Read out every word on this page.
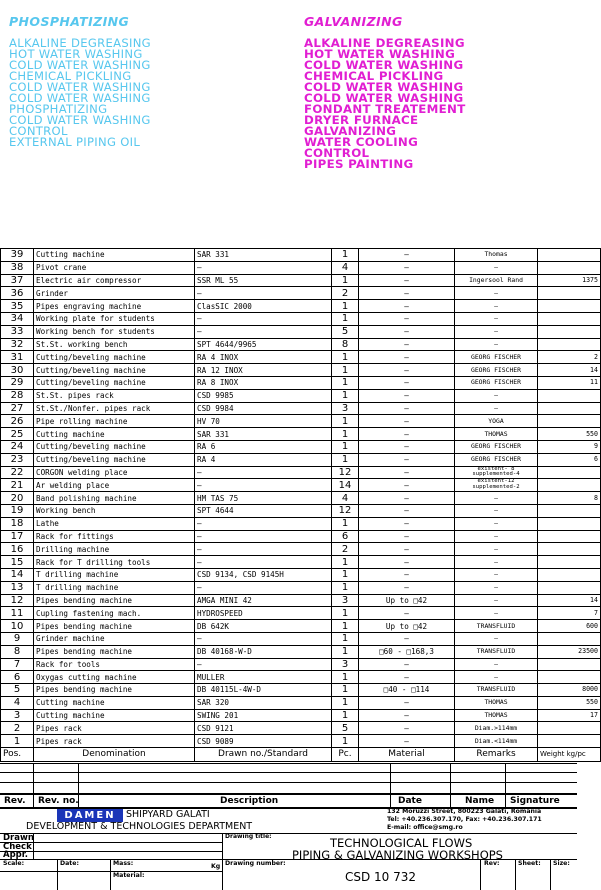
PHOSPHATIZING
ALKALINE DEGREASING
HOT WATER WASHING
COLD WATER WASHING
CHEMICAL PICKLING
COLD WATER WASHING
COLD WATER WASHING
PHOSPHATIZING
COLD WATER WASHING
CONTROL
EXTERNAL PIPING OIL
GALVANIZING
ALKALINE DEGREASING
HOT WATER WASHING
COLD WATER WASHING
CHEMICAL PICKLING
COLD WATER WASHING
COLD WATER WASHING
FONDANT TREATEMENT
DRYER FURNACE
GALVANIZING
WATER COOLING
CONTROL
PIPES PAINTING
39	Cutting machine	SAR 331	1	–	Thomas	
38	Pivot crane	–	4	–	–	
37	Electric air compressor	SSR ML 55	1	–	Ingersool Rand	1375
36	Grinder	–	2	–	–	
35	Pipes engraving machine	ClasSIC 2000	1	–	–	
34	Working plate for students	–	1	–	–	
33	Working bench for students	–	5	–	–	
32	St.St. working bench	SPT 4644/9965	8	–	–	
31	Cutting/beveling machine	RA 4 INOX	1	–	GEORG FISCHER	2
30	Cutting/beveling machine	RA 12 INOX	1	–	GEORG FISCHER	14
29	Cutting/beveling machine	RA 8 INOX	1	–	GEORG FISCHER	11
28	St.St. pipes rack	CSD 9985	1	–	–	
27	St.St./Nonfer. pipes rack	CSD 9984	3	–	–	
26	Pipe rolling machine	HV 70	1	–	YOGA	
25	Cutting machine	SAR 331	1	–	THOMAS	550
24	Cutting/beveling machine	RA 6	1	–	GEORG FISCHER	9
23	Cutting/beveling machine	RA 4	1	–	GEORG FISCHER	6
22	CORGON welding place	–	12	–	existent- 8
supplemented-4	
21	Ar welding place	–	14	–	existent-12
supplemented-2	
20	Band polishing machine	HM TAS 75	4	–	–	8
19	Working bench	SPT 4644	12	–	–	
18	Lathe	–	1	–	–	
17	Rack for fittings	–	6	–	–	
16	Drilling machine	–	2	–	–	
15	Rack for T drilling tools	–	1	–	–	
14	T drilling machine	CSD 9134, CSD 9145H	1	–	–	
13	T drilling machine	–	1	–	–	
12	Pipes bending machine	AMGA MINI 42	3	Up to □42	–	14
11	Cupling fastening mach.	HYDROSPEED	1	–	–	7
10	Pipes bending machine	DB 642K	1	Up to □42	TRANSFLUID	600
9	Grinder machine	–	1	–	–	
8	Pipes bending machine	DB 40168-W-D	1	□60 - □168,3	TRANSFLUID	23500
7	Rack for tools	–	3	–	–	
6	Oxygas cutting machine	MULLER	1	–	–	
5	Pipes bending machine	DB 40115L-4W-D	1	□40 - □114	TRANSFLUID	8000
4	Cutting machine	SAR 320	1	–	THOMAS	550
3	Cutting machine	SWING 201	1	–	THOMAS	17
2	Pipes rack	CSD 9121	5	–	Diam.>114mm	
1	Pipes rack	CSD 9089	1	–	Diam.<114mm	
Pos.	Denomination	Drawn no./Standard	Pc.	Material	Remarks	Weight kg/pc
Rev. Rev. no.	Description	Date	Name Signature
DAMEN	SHIPYARD GALATI
DEVELOPMENT & TECHNOLOGIES DEPARTMENT
132 Moruzzi Street, 800223 Galati, Romania
Tel: +40.236.307.170, Fax: +40.236.307.171
E-mail: office@smg.ro
Drawn
Check
Appr.
Drawing title:	TECHNOLOGICAL FLOWS
PIPING & GALVANIZING WORKSHOPS
Scale:	Date:	Mass:	Kg
Material:
Drawing number:
CSD 10 732
Rev:	Sheet: Size:
